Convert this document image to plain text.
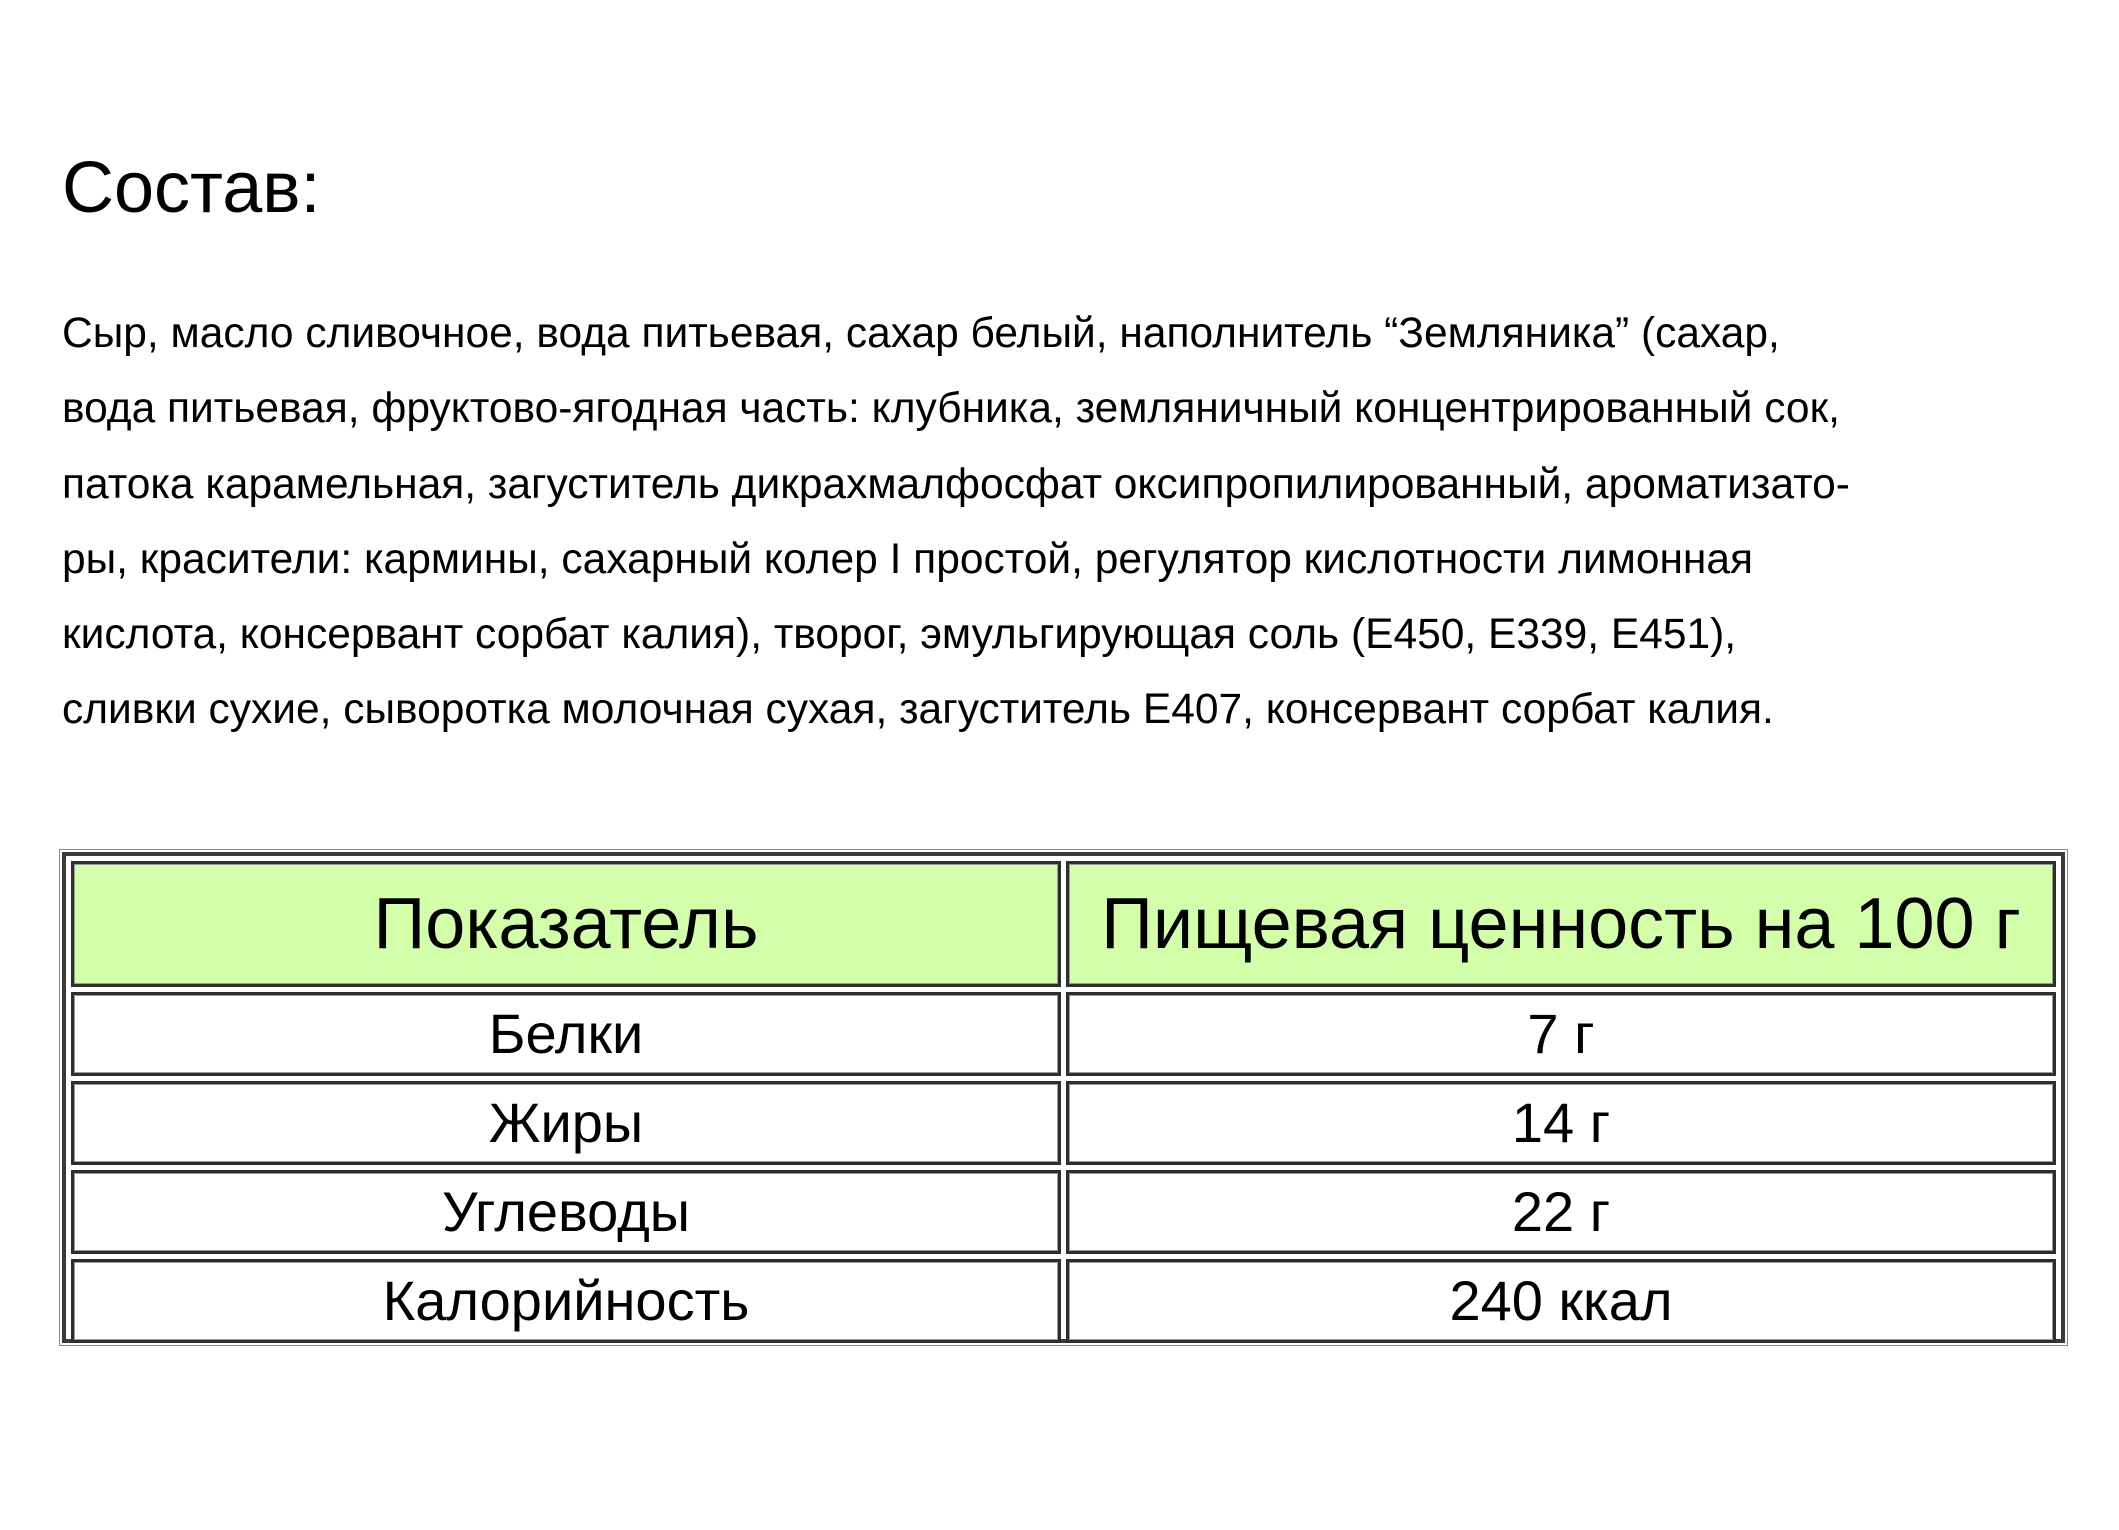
Состав:

Сыр, масло сливочное, вода питьевая, сахар белый, наполнитель “Земляника” (сахар,
вода питьевая, фруктово-ягодная часть: клубника, земляничный концентрированный сок,
патока карамельная, загуститель дикрахмалфосфат оксипропилированный, ароматизато-
ры, красители: кармины, сахарный колер I простой, регулятор кислотности лимонная
кислота, консервант сорбат калия), творог, эмульгирующая соль (E450, E339, E451),
сливки сухие, сыворотка молочная сухая, загуститель E407, консервант сорбат калия.

Показатель	Пищевая ценность на 100 г
Белки	7 г
Жиры	14 г
Углеводы	22 г
Калорийность	240 ккал
